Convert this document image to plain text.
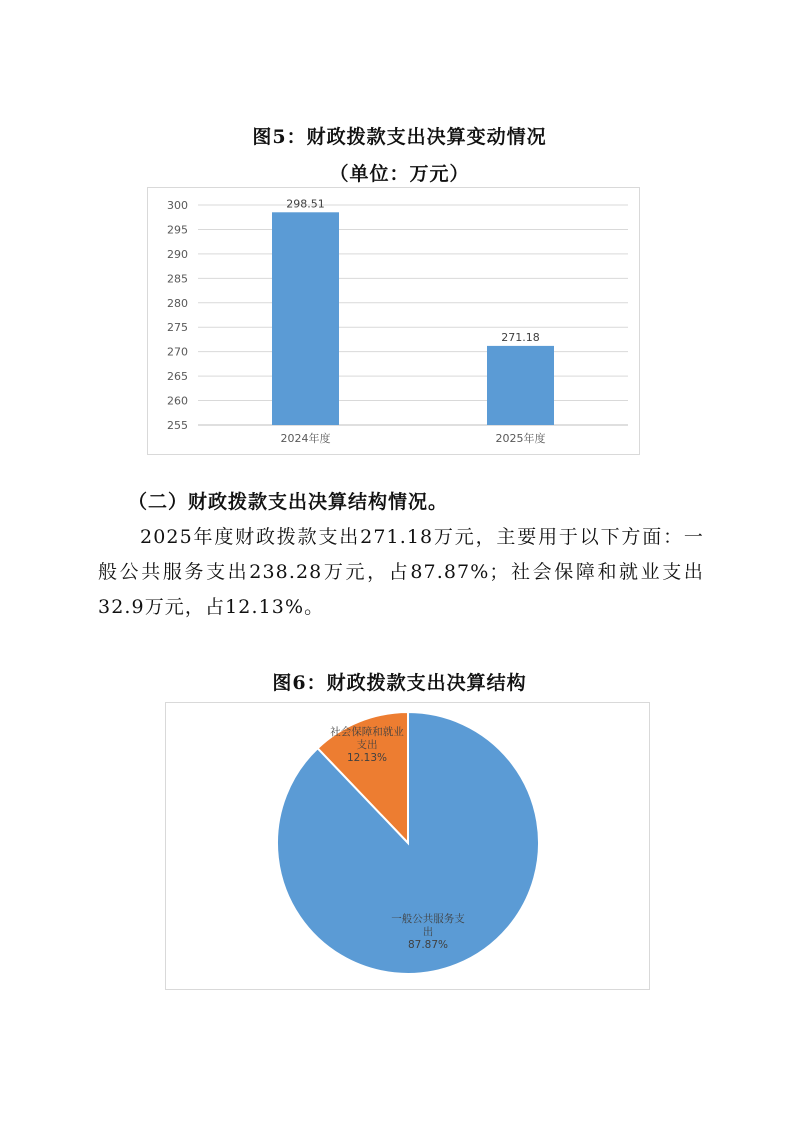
图5：财政拨款支出决算变动情况
（单位：万元）
255
260
265
270
275
280
285
290
295
300	298.51
2024年度
271.18
2025年度

（二）财政拨款支出决算结构情况。

2025年度财政拨款支出271.18万元，主要用于以下方面：一般公共服务支出238.28万元，占87.87%；社会保障和就业支出32.9万元，占12.13%。

图6：财政拨款支出决算结构
社会保障和就业支出 12.13%
一般公共服务支出 87.87%
